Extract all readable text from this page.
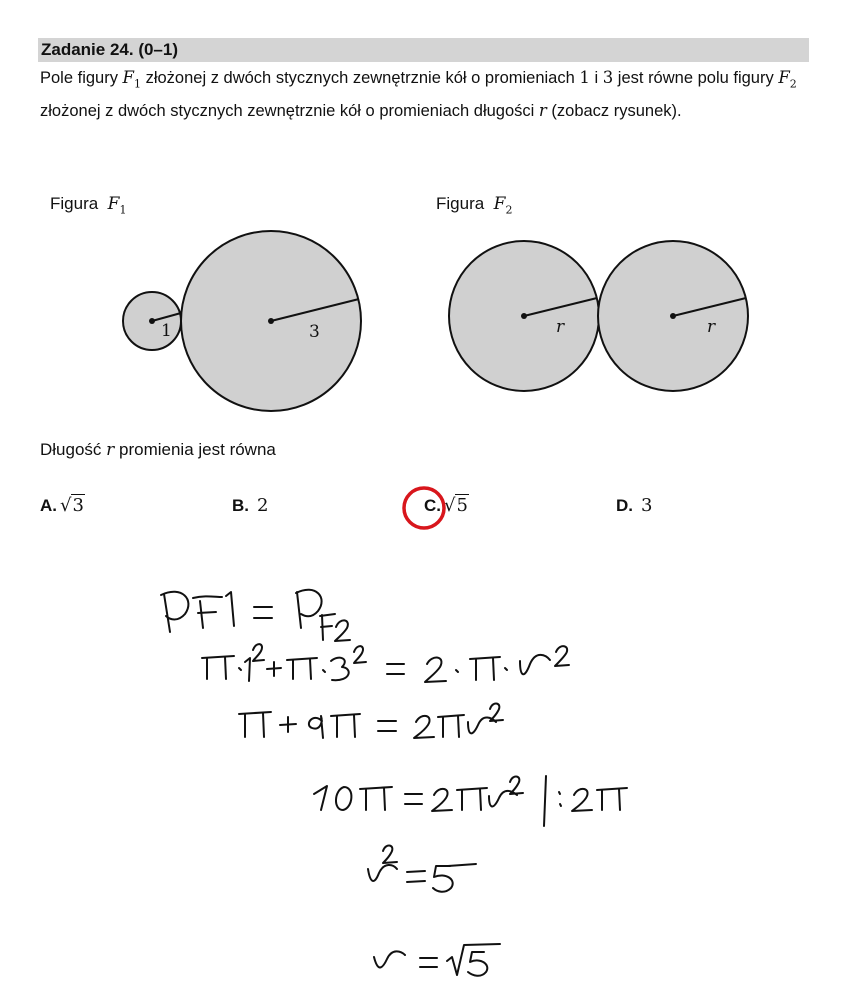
Zadanie 24. (0–1)
Pole figury $F_1$ złożonej z dwóch stycznych zewnętrznie kół o promieniach 1 i 3 jest równe polu figury $F_2$ złożonej z dwóch stycznych zewnętrznie kół o promieniach długości r (zobacz rysunek).
Figura $F_1$	Figura $F_2$
1	3	r	r
Długość r promienia jest równa
A. √3	B. 2	C. √5	D. 3
